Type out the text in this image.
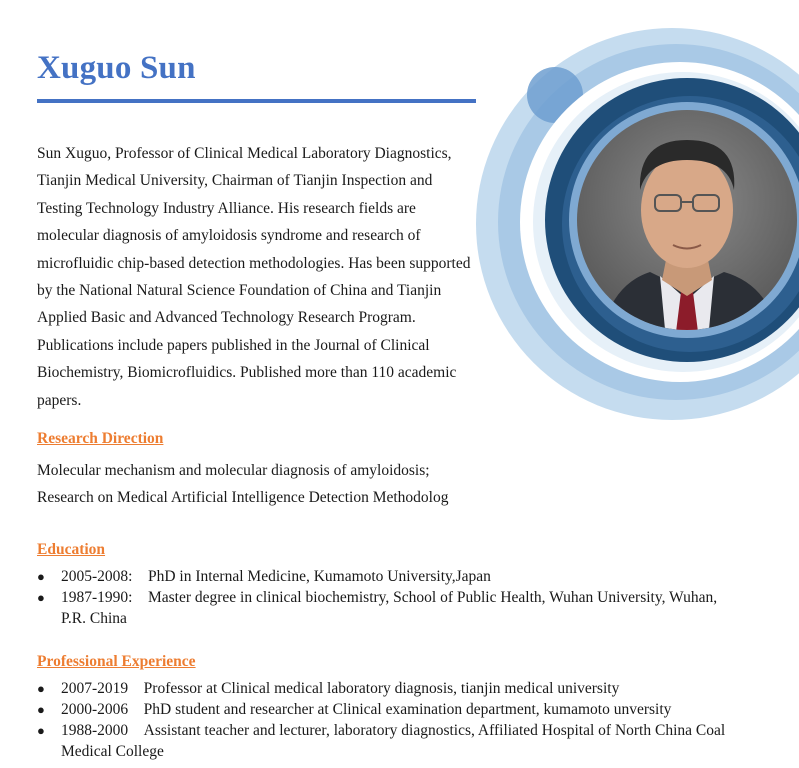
Xuguo Sun

Sun Xuguo, Professor of Clinical Medical Laboratory Diagnostics, Tianjin Medical University, Chairman of Tianjin Inspection and Testing Technology Industry Alliance. His research fields are molecular diagnosis of amyloidosis syndrome and research of microfluidic chip-based detection methodologies. Has been supported by the National Natural Science Foundation of China and Tianjin Applied Basic and Advanced Technology Research Program. Publications include papers published in the Journal of Clinical Biochemistry, Biomicrofluidics. Published more than 110 academic papers.

Research Direction
Molecular mechanism and molecular diagnosis of amyloidosis;
Research on Medical Artificial Intelligence Detection Methodolog
Education
●	2005-2008: PhD in Internal Medicine, Kumamoto University,Japan
●	1987-1990: Master degree in clinical biochemistry, School of Public Health, Wuhan University, Wuhan, P.R. China
Professional Experience
●	2007-2019 Professor at Clinical medical laboratory diagnosis, tianjin medical university
●	2000-2006 PhD student and researcher at Clinical examination department, kumamoto unversity
●	1988-2000 Assistant teacher and lecturer, laboratory diagnostics, Affiliated Hospital of North China Coal Medical College
